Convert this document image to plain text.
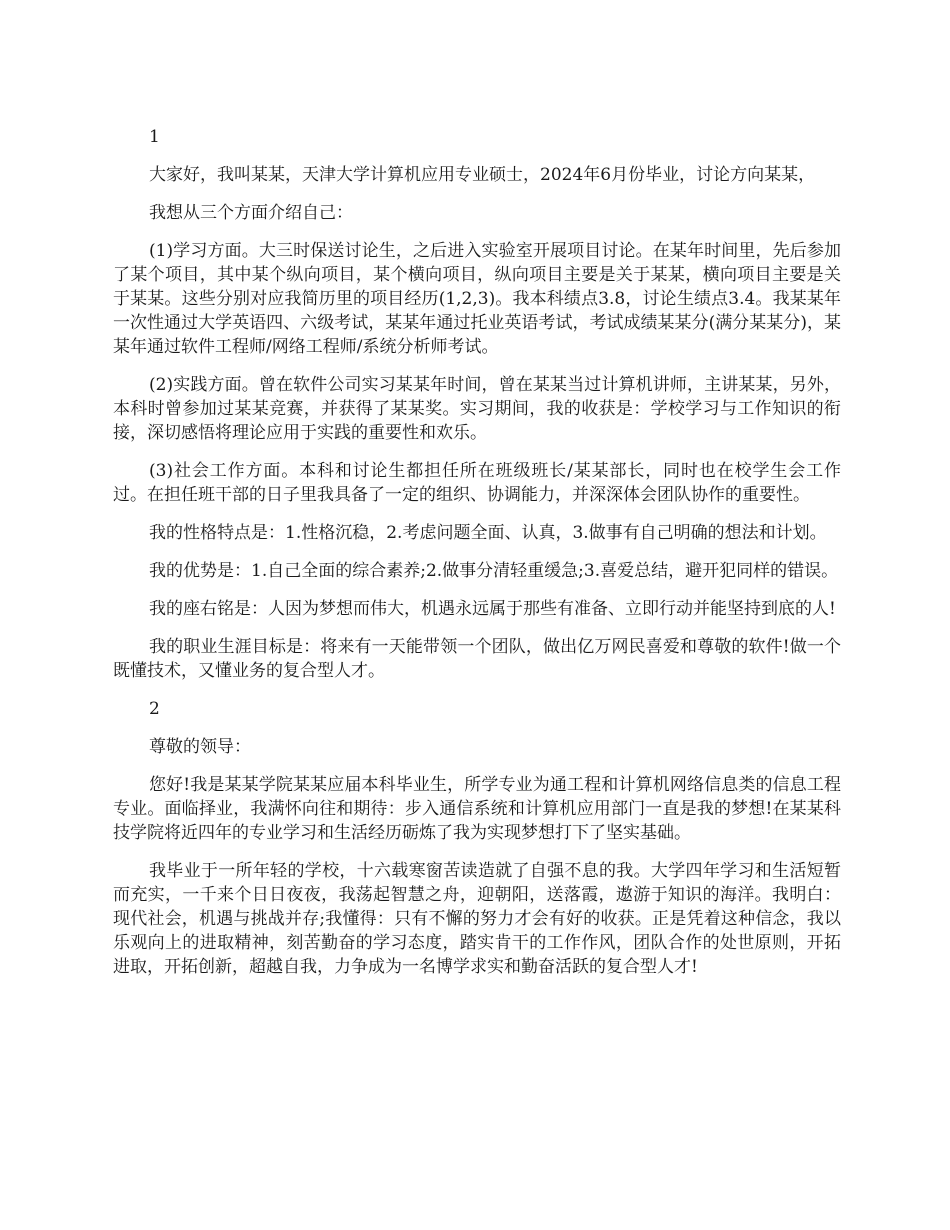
1

大家好，我叫某某，天津大学计算机应用专业硕士，2024年6月份毕业，讨论方向某某，

我想从三个方面介绍自己：

(1)学习方面。大三时保送讨论生，之后进入实验室开展项目讨论。在某年时间里，先后参加了某个项目，其中某个纵向项目，某个横向项目，纵向项目主要是关于某某，横向项目主要是关于某某。这些分别对应我简历里的项目经历(1,2,3)。我本科绩点3.8，讨论生绩点3.4。我某某年一次性通过大学英语四、六级考试，某某年通过托业英语考试，考试成绩某某分(满分某某分)，某某年通过软件工程师/网络工程师/系统分析师考试。

(2)实践方面。曾在软件公司实习某某年时间，曾在某某当过计算机讲师，主讲某某，另外，本科时曾参加过某某竞赛，并获得了某某奖。实习期间，我的收获是：学校学习与工作知识的衔接，深切感悟将理论应用于实践的重要性和欢乐。

(3)社会工作方面。本科和讨论生都担任所在班级班长/某某部长，同时也在校学生会工作过。在担任班干部的日子里我具备了一定的组织、协调能力，并深深体会团队协作的重要性。

我的性格特点是：1.性格沉稳，2.考虑问题全面、认真，3.做事有自己明确的想法和计划。

我的优势是：1.自己全面的综合素养;2.做事分清轻重缓急;3.喜爱总结，避开犯同样的错误。

我的座右铭是：人因为梦想而伟大，机遇永远属于那些有准备、立即行动并能坚持到底的人!

我的职业生涯目标是：将来有一天能带领一个团队，做出亿万网民喜爱和尊敬的软件!做一个既懂技术，又懂业务的复合型人才。

2

尊敬的领导：

您好!我是某某学院某某应届本科毕业生，所学专业为通工程和计算机网络信息类的信息工程专业。面临择业，我满怀向往和期待：步入通信系统和计算机应用部门一直是我的梦想!在某某科技学院将近四年的专业学习和生活经历砺炼了我为实现梦想打下了坚实基础。

我毕业于一所年轻的学校，十六载寒窗苦读造就了自强不息的我。大学四年学习和生活短暂而充实，一千来个日日夜夜，我荡起智慧之舟，迎朝阳，送落霞，遨游于知识的海洋。我明白：现代社会，机遇与挑战并存;我懂得：只有不懈的努力才会有好的收获。正是凭着这种信念，我以乐观向上的进取精神，刻苦勤奋的学习态度，踏实肯干的工作作风，团队合作的处世原则，开拓进取，开拓创新，超越自我，力争成为一名博学求实和勤奋活跃的复合型人才!
